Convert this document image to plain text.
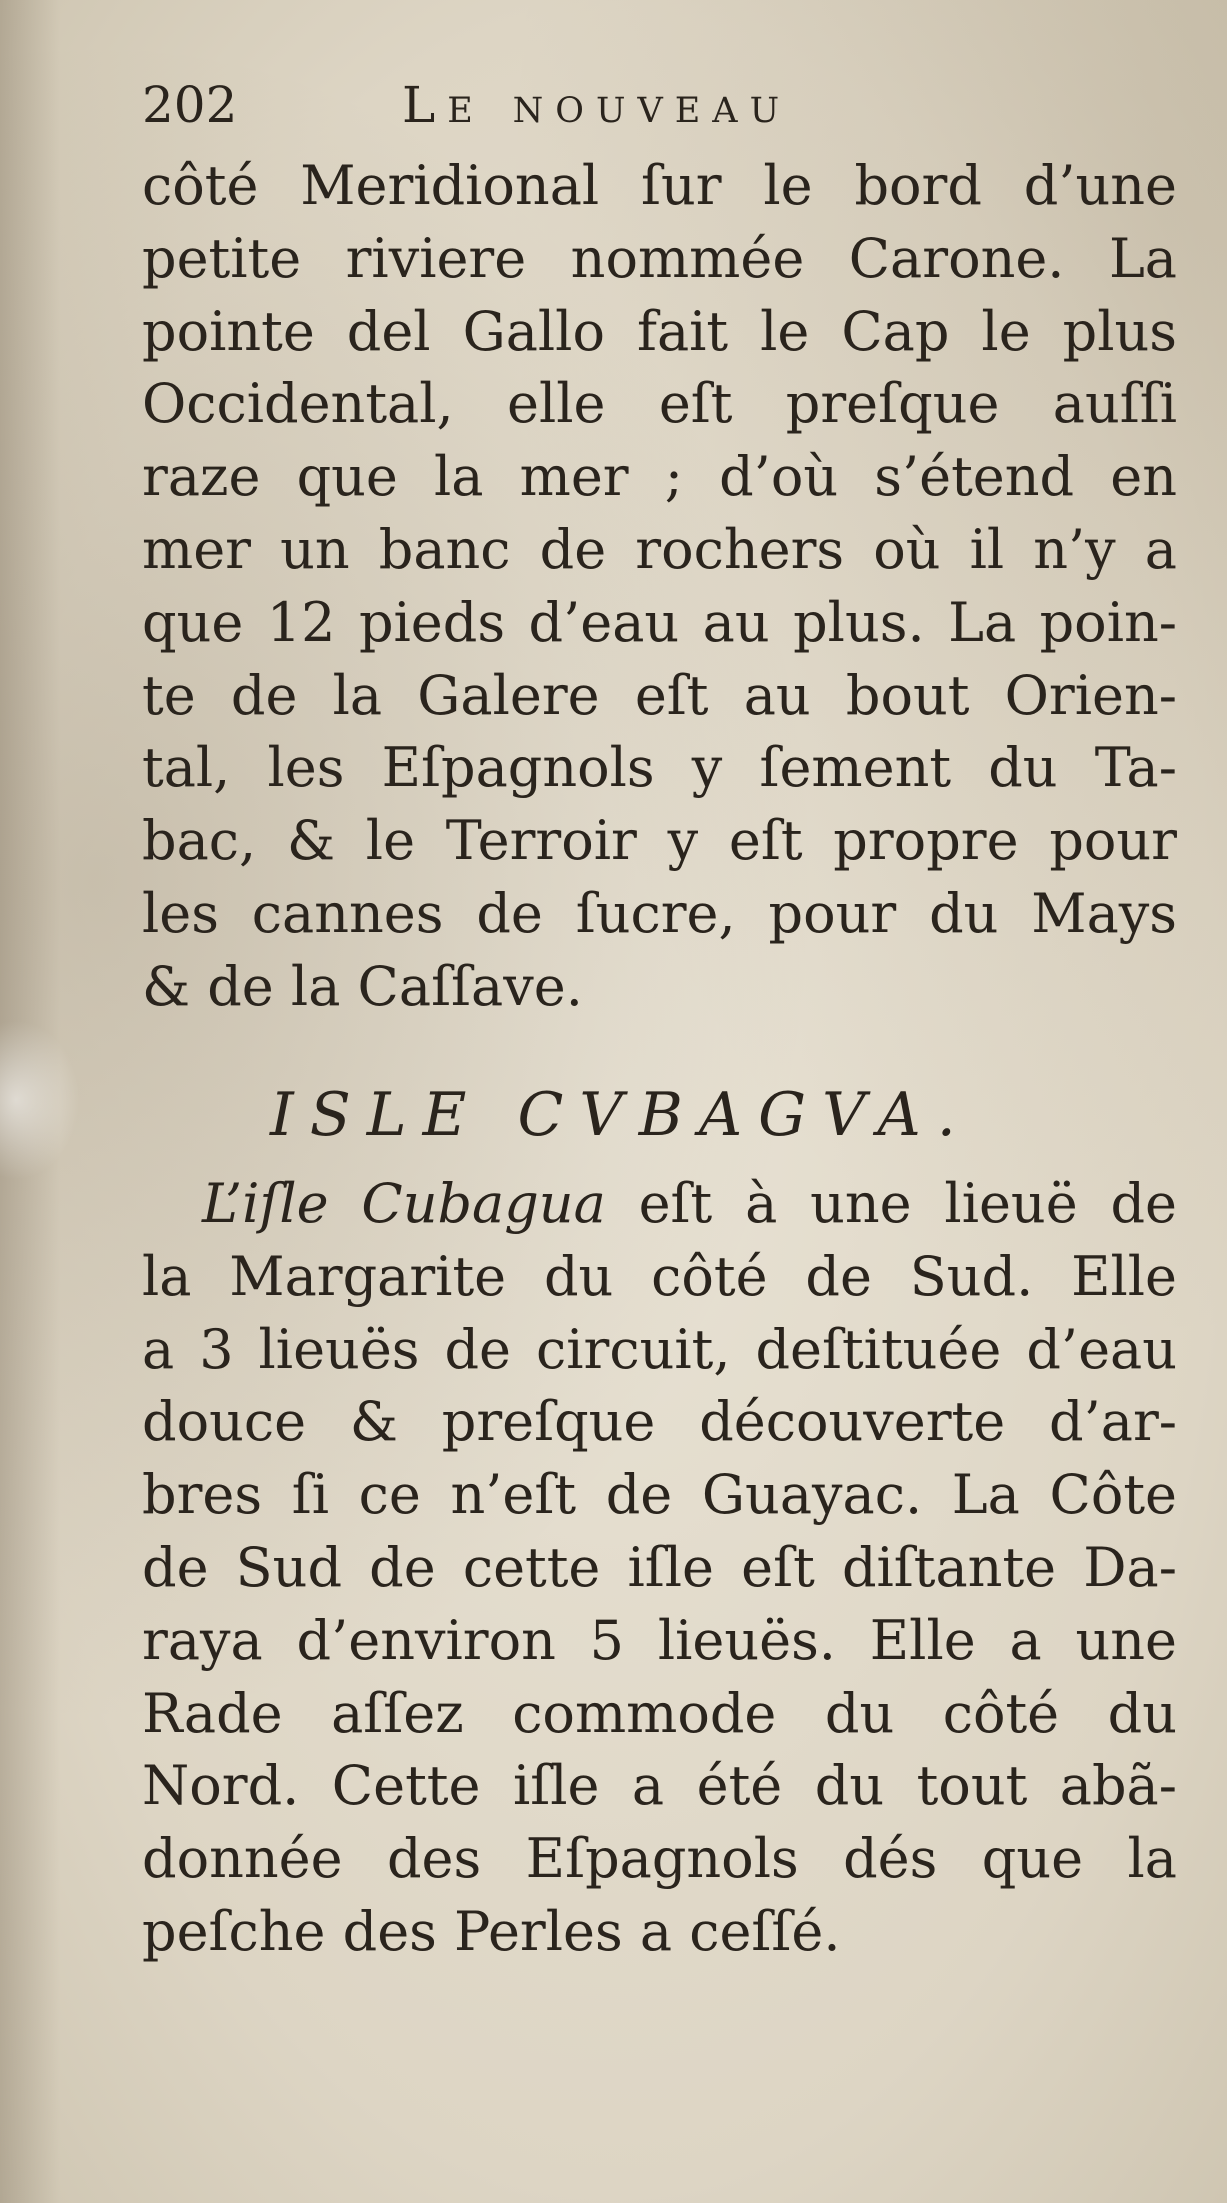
202	Le nouveau
côté Meridional ſur le bord d’une
petite riviere nommée Carone. La
pointe del Gallo fait le Cap le plus
Occidental, elle eſt preſque auſſi
raze que la mer ; d’où s’étend en
mer un banc de rochers où il n’y a
que 12 pieds d’eau au plus. La poin-
te de la Galere eſt au bout Orien-
tal, les Eſpagnols y ſement du Ta-
bac, & le Terroir y eſt propre pour
les cannes de ſucre, pour du Mays
& de la Caſſave.
ISLE CVBAGVA.
L’iſle Cubagua eſt à une lieuë de
la Margarite du côté de Sud. Elle
a 3 lieuës de circuit, deſtituée d’eau
douce & preſque découverte d’ar-
bres ſi ce n’eſt de Guayac. La Côte
de Sud de cette iſle eſt diſtante Da-
raya d’environ 5 lieuës. Elle a une
Rade aſſez commode du côté du
Nord. Cette iſle a été du tout abã-
donnée des Eſpagnols dés que la
peſche des Perles a ceſſé.
